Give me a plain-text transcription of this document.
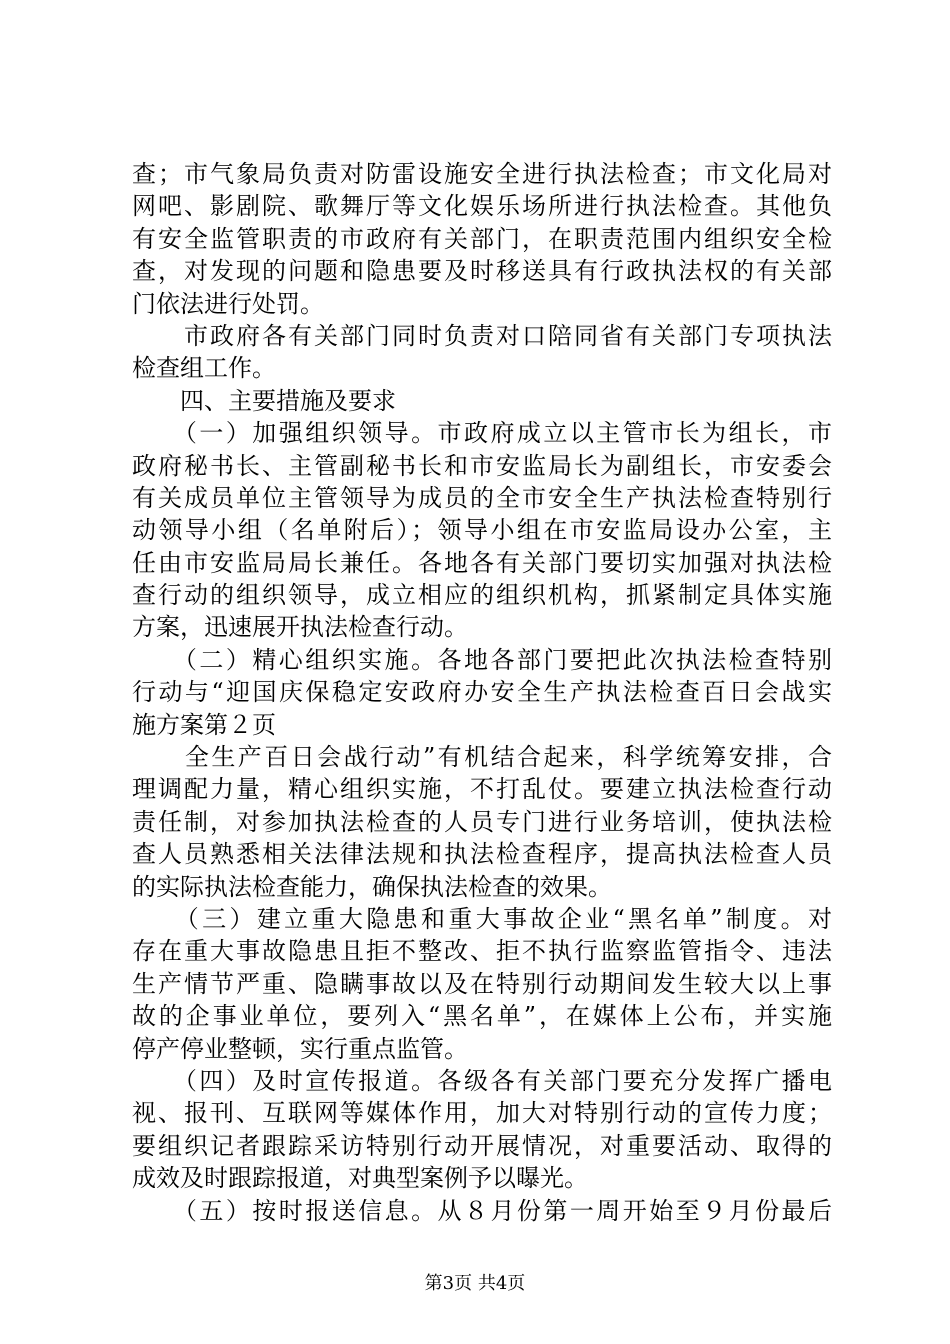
查；市气象局负责对防雷设施安全进行执法检查；市文化局对
网吧、影剧院、歌舞厅等文化娱乐场所进行执法检查。其他负
有安全监管职责的市政府有关部门，在职责范围内组织安全检
查，对发现的问题和隐患要及时移送具有行政执法权的有关部
门依法进行处罚。
　　市政府各有关部门同时负责对口陪同省有关部门专项执法
检查组工作。
　　四、主要措施及要求
　　（一）加强组织领导。市政府成立以主管市长为组长，市
政府秘书长、主管副秘书长和市安监局长为副组长，市安委会
有关成员单位主管领导为成员的全市安全生产执法检查特别行
动领导小组（名单附后）；领导小组在市安监局设办公室，主
任由市安监局局长兼任。各地各有关部门要切实加强对执法检
查行动的组织领导，成立相应的组织机构，抓紧制定具体实施
方案，迅速展开执法检查行动。
　　（二）精心组织实施。各地各部门要把此次执法检查特别
行动与“迎国庆保稳定安政府办安全生产执法检查百日会战实
施方案第２页
　　全生产百日会战行动”有机结合起来，科学统筹安排，合
理调配力量，精心组织实施，不打乱仗。要建立执法检查行动
责任制，对参加执法检查的人员专门进行业务培训，使执法检
查人员熟悉相关法律法规和执法检查程序，提高执法检查人员
的实际执法检查能力，确保执法检查的效果。
　　（三）建立重大隐患和重大事故企业“黑名单”制度。对
存在重大事故隐患且拒不整改、拒不执行监察监管指令、违法
生产情节严重、隐瞒事故以及在特别行动期间发生较大以上事
故的企事业单位，要列入“黑名单”，在媒体上公布，并实施
停产停业整顿，实行重点监管。
　　（四）及时宣传报道。各级各有关部门要充分发挥广播电
视、报刊、互联网等媒体作用，加大对特别行动的宣传力度；
要组织记者跟踪采访特别行动开展情况，对重要活动、取得的
成效及时跟踪报道，对典型案例予以曝光。
　　（五）按时报送信息。从８月份第一周开始至９月份最后
第3页 共4页
